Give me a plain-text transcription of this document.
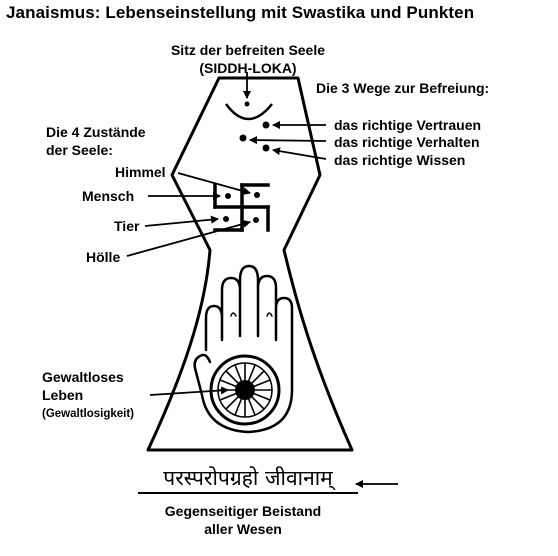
Janaismus: Lebenseinstellung mit Swastika und Punkten
Sitz der befreiten Seele
(SIDDH-LOKA)
Die 3 Wege zur Befreiung:
das richtige Vertrauen
das richtige Verhalten
das richtige Wissen
Die 4 Zustände
der Seele:
Himmel
Mensch
Tier
Hölle
Gewaltloses
Leben
(Gewaltlosigkeit)
परस्परोपग्रहो जीवानाम्
Gegenseitiger Beistand
aller Wesen
